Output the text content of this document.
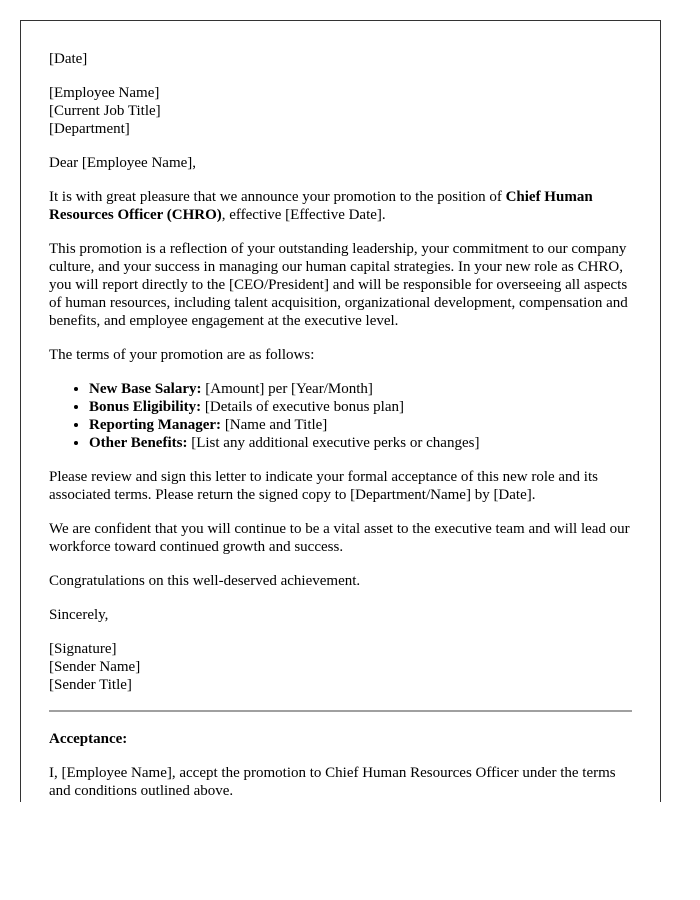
[Date]

[Employee Name]
[Current Job Title]
[Department]

Dear [Employee Name],

It is with great pleasure that we announce your promotion to the position of Chief Human Resources Officer (CHRO), effective [Effective Date].

This promotion is a reflection of your outstanding leadership, your commitment to our company culture, and your success in managing our human capital strategies. In your new role as CHRO, you will report directly to the [CEO/President] and will be responsible for overseeing all aspects of human resources, including talent acquisition, organizational development, compensation and benefits, and employee engagement at the executive level.

The terms of your promotion are as follows:

• New Base Salary: [Amount] per [Year/Month]
• Bonus Eligibility: [Details of executive bonus plan]
• Reporting Manager: [Name and Title]
• Other Benefits: [List any additional executive perks or changes]

Please review and sign this letter to indicate your formal acceptance of this new role and its associated terms. Please return the signed copy to [Department/Name] by [Date].

We are confident that you will continue to be a vital asset to the executive team and will lead our workforce toward continued growth and success.

Congratulations on this well-deserved achievement.

Sincerely,

[Signature]
[Sender Name]
[Sender Title]

Acceptance:

I, [Employee Name], accept the promotion to Chief Human Resources Officer under the terms and conditions outlined above.
